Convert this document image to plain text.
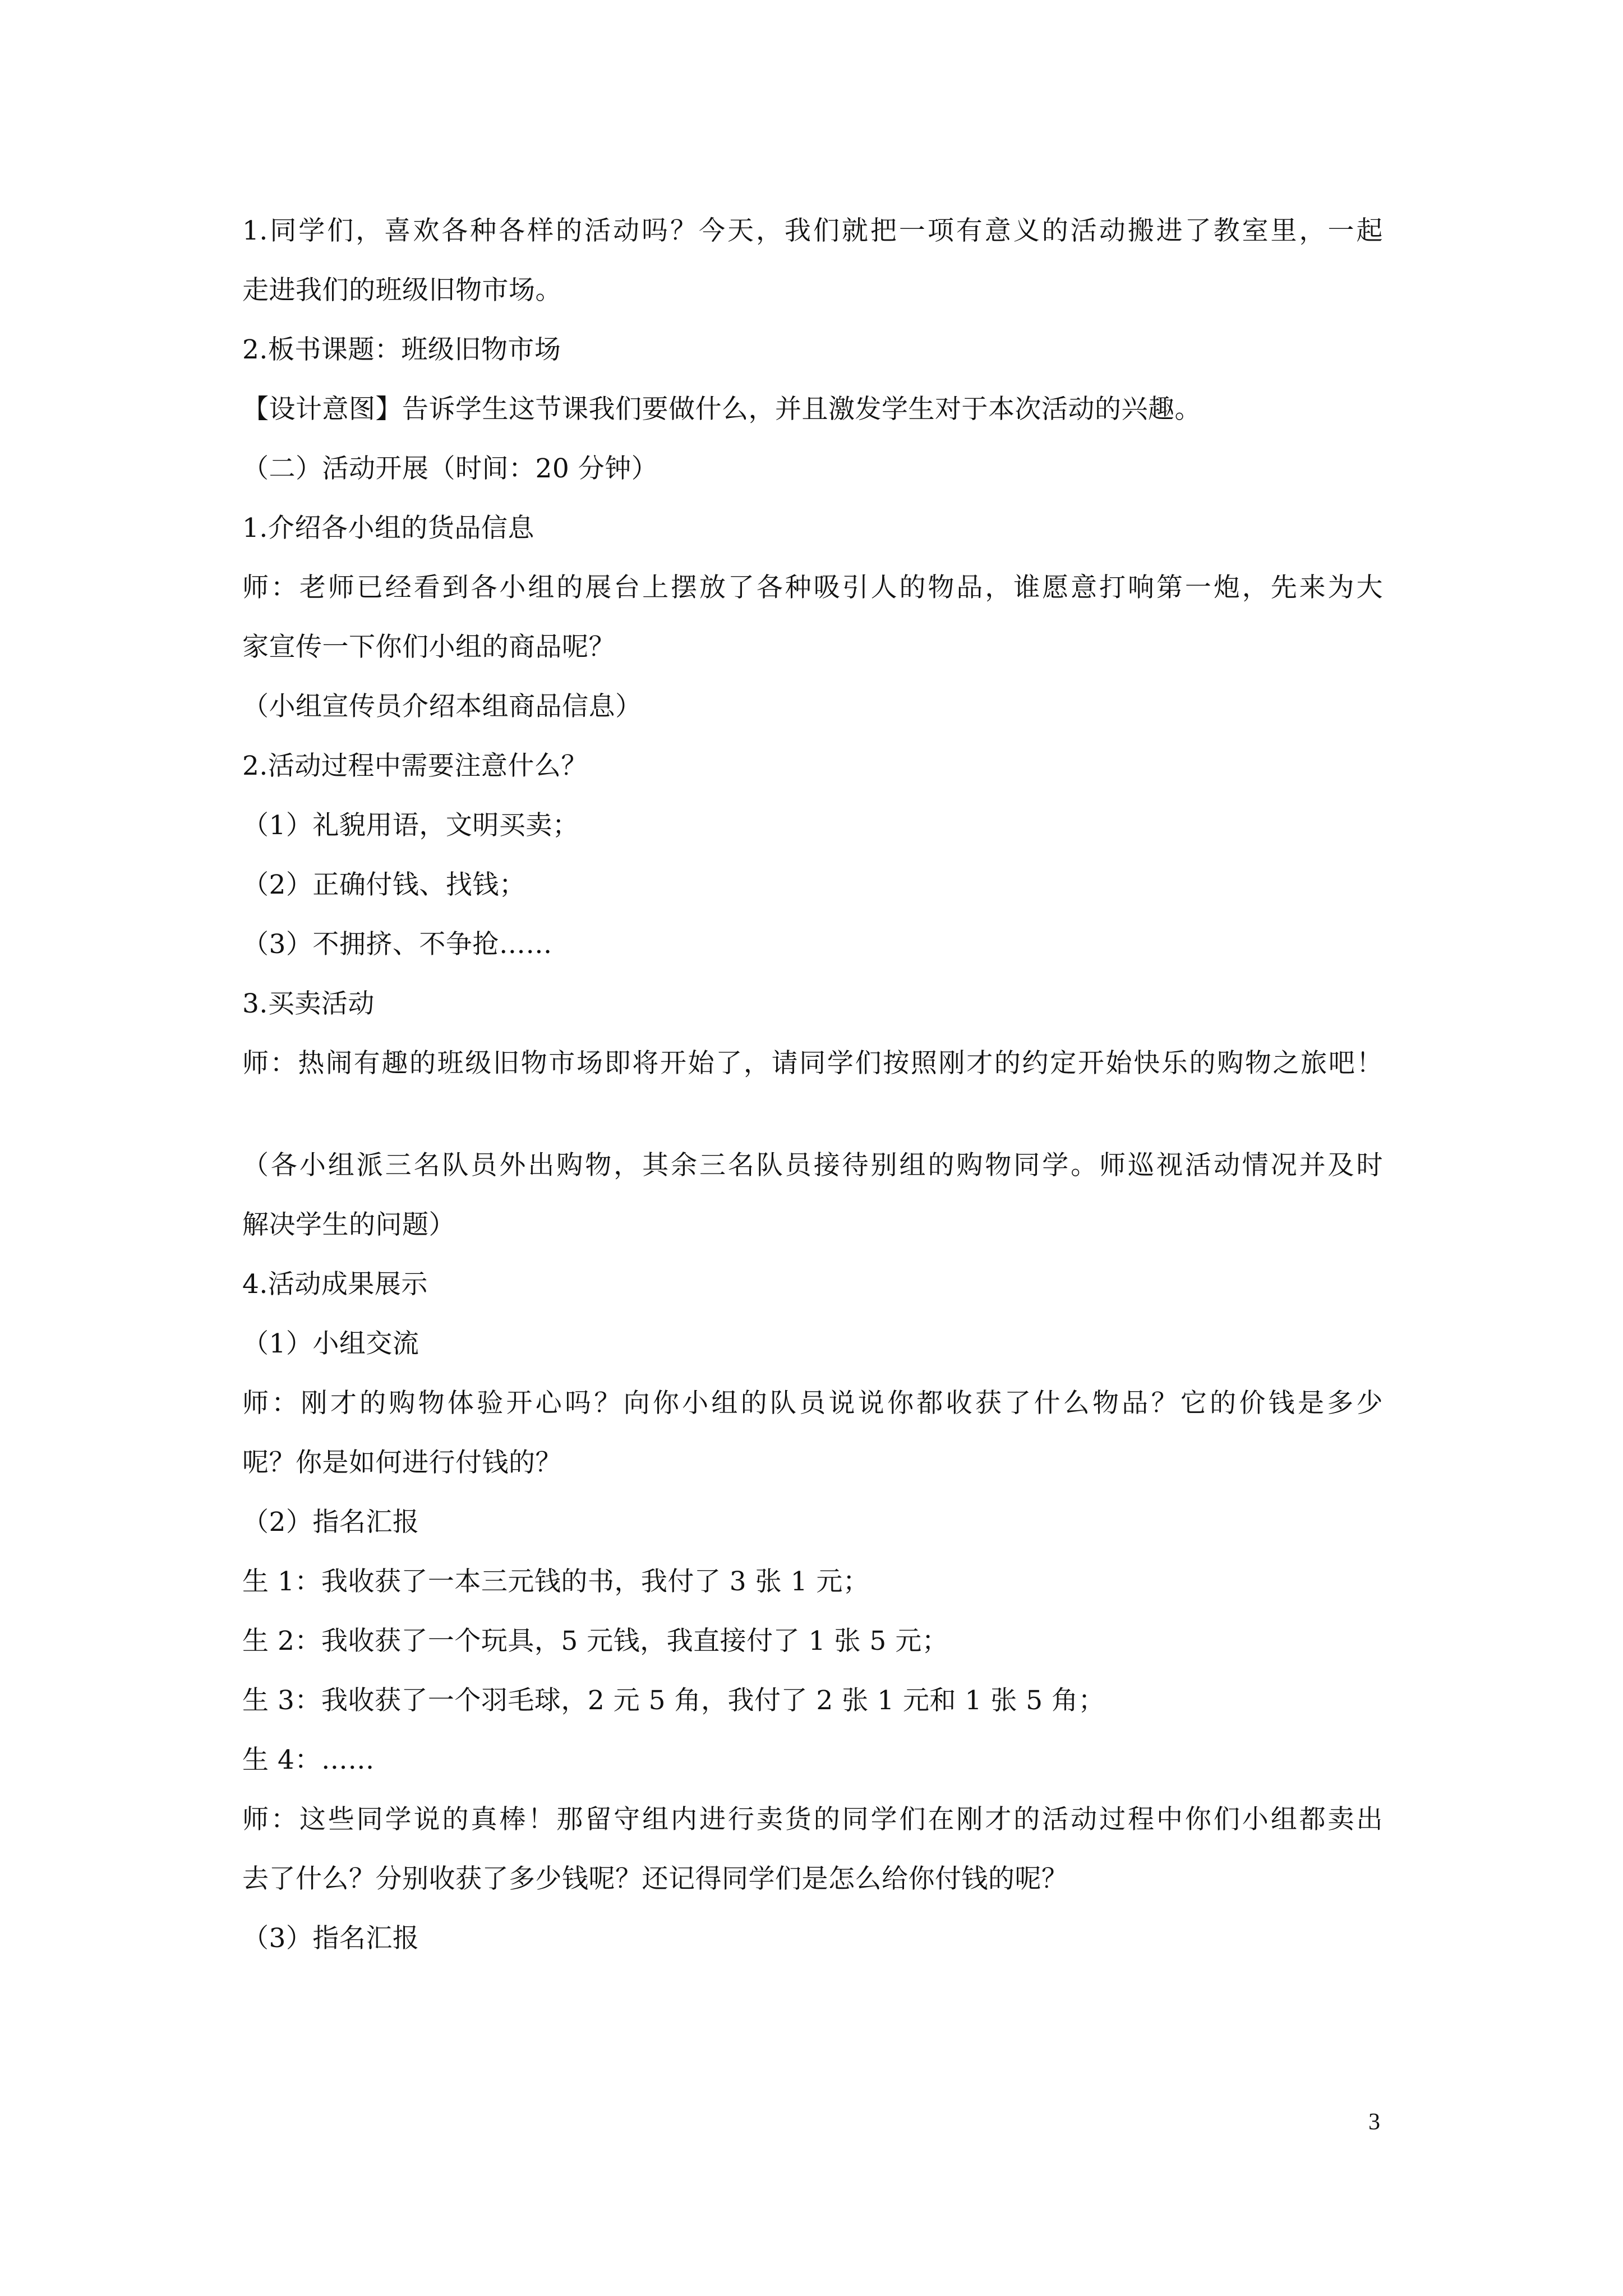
1.同学们，喜欢各种各样的活动吗？今天，我们就把一项有意义的活动搬进了教室里，一起
走进我们的班级旧物市场。
2.板书课题：班级旧物市场
【设计意图】告诉学生这节课我们要做什么，并且激发学生对于本次活动的兴趣。
（二）活动开展（时间：20 分钟）
1.介绍各小组的货品信息
师：老师已经看到各小组的展台上摆放了各种吸引人的物品，谁愿意打响第一炮，先来为大
家宣传一下你们小组的商品呢？
（小组宣传员介绍本组商品信息）
2.活动过程中需要注意什么？
（1）礼貌用语，文明买卖；
（2）正确付钱、找钱；
（3）不拥挤、不争抢……
3.买卖活动
师：热闹有趣的班级旧物市场即将开始了，请同学们按照刚才的约定开始快乐的购物之旅吧！
（各小组派三名队员外出购物，其余三名队员接待别组的购物同学。师巡视活动情况并及时
解决学生的问题）
4.活动成果展示
（1）小组交流
师：刚才的购物体验开心吗？向你小组的队员说说你都收获了什么物品？它的价钱是多少
呢？你是如何进行付钱的？
（2）指名汇报
生 1：我收获了一本三元钱的书，我付了 3 张 1 元；
生 2：我收获了一个玩具，5 元钱，我直接付了 1 张 5 元；
生 3：我收获了一个羽毛球，2 元 5 角，我付了 2 张 1 元和 1 张 5 角；
生 4：……
师：这些同学说的真棒！那留守组内进行卖货的同学们在刚才的活动过程中你们小组都卖出
去了什么？分别收获了多少钱呢？还记得同学们是怎么给你付钱的呢？
（3）指名汇报
3
